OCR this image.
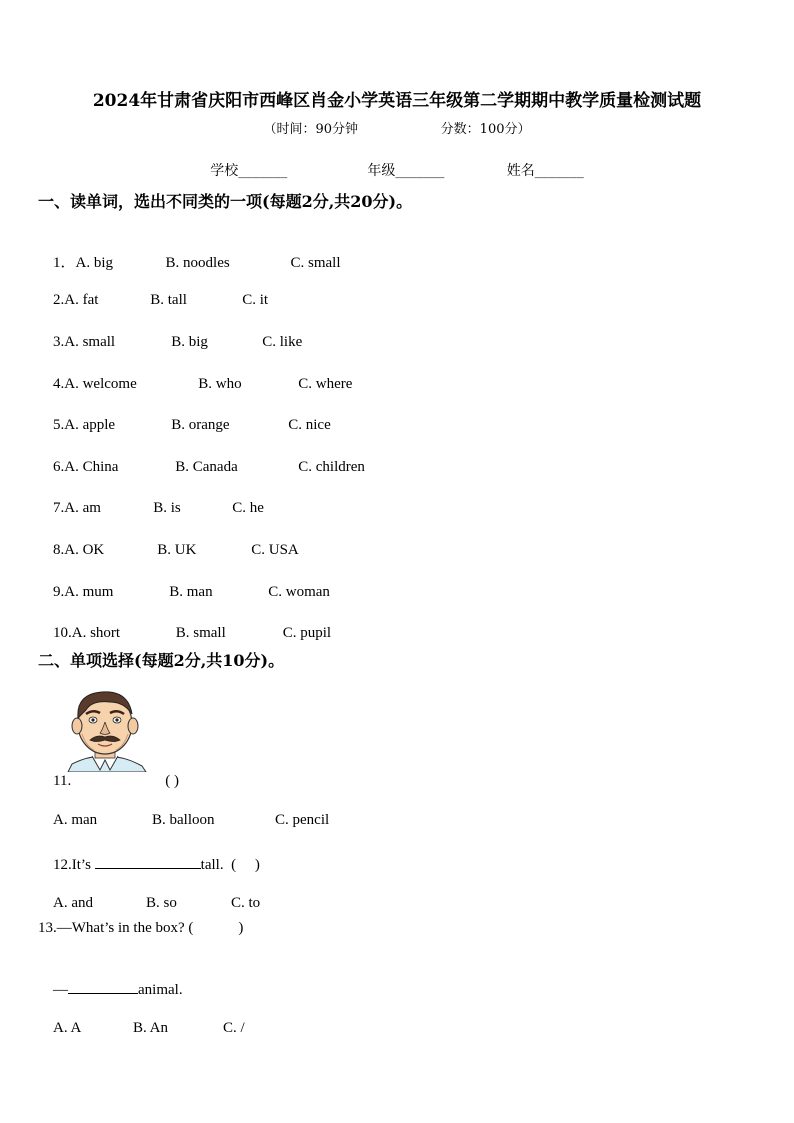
2024年甘肃省庆阳市西峰区肖金小学英语三年级第二学期期中教学质量检测试题
（时间：90分钟                    分数：100分）
学校_______                  年级_______              姓名_______
一、读单词，选出不同类的一项(每题2分,共20分)。

1．A. big	B. noodles	C. small

2.A. fat	B. tall	C. it

3.A. small	B. big	C. like

4.A. welcome	B. who	C. where

5.A. apple	B. orange	C. nice

6.A. China	B. Canada	C. children

7.A. am	B. is	C. he

8.A. OK	B. UK	C. USA

9.A. mum	B. man	C. woman

10.A. short	B. small	C. pupil

二、单项选择(每题2分,共10分)。

11.	( )

A. man	B. balloon	C. pencil

12.It’s	tall.  (     )

A. and	B. so	C. to

13.—What’s in the box? (            )

—	animal.

A. A	B. An	C. /
